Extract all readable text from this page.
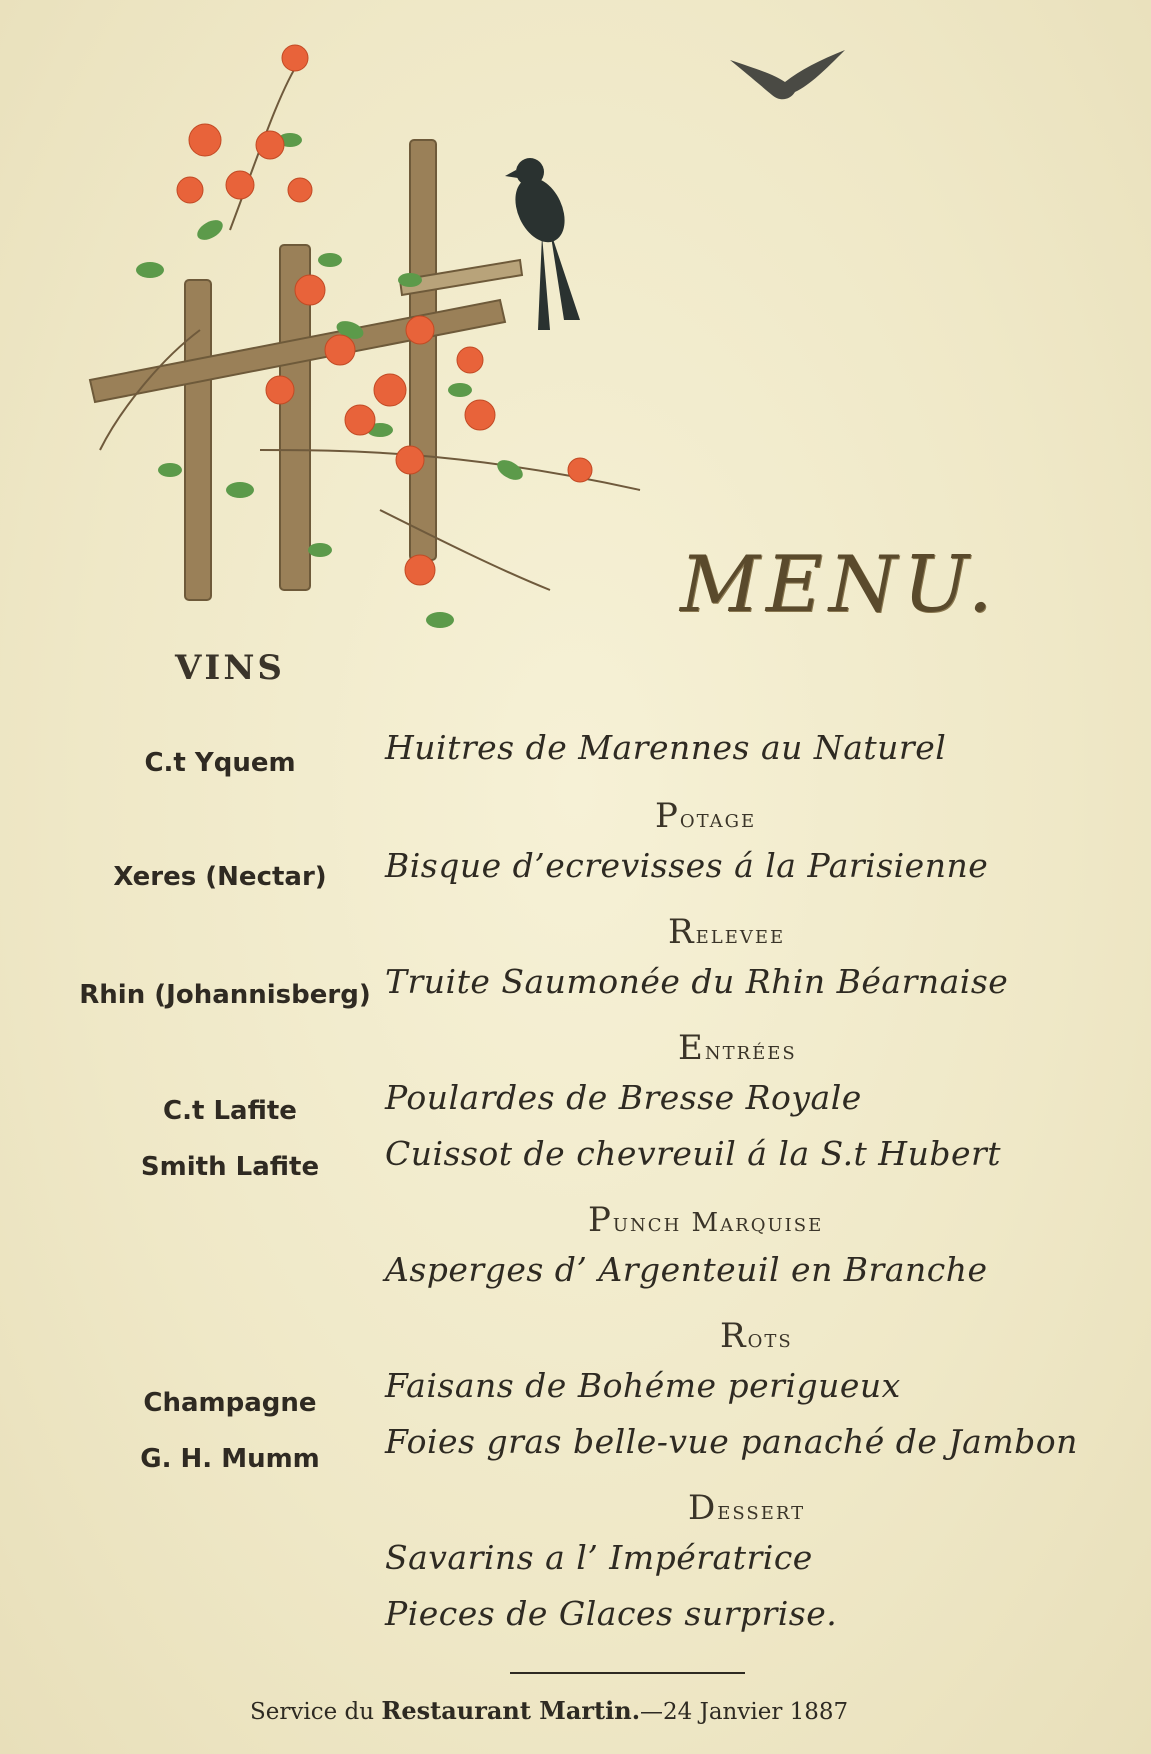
MENU.
VINS
C.t Yquem
Xeres (Nectar)
Rhin (Johannisberg)
C.t Lafite
Smith Lafite
Champagne
G. H. Mumm
Huitres de Marennes au Naturel
Potage
Bisque d’ecrevisses á la Parisienne
Relevee
Truite Saumonée du Rhin Béarnaise
Entrées
Poulardes de Bresse Royale
Cuissot de chevreuil á la S.t Hubert
Punch Marquise
Asperges d’ Argenteuil en Branche
Rots
Faisans de Bohéme perigueux
Foies gras belle-vue panaché de Jambon
Dessert
Savarins a l’ Impératrice
Pieces de Glaces surprise.
Service du Restaurant Martin.—24 Janvier 1887
